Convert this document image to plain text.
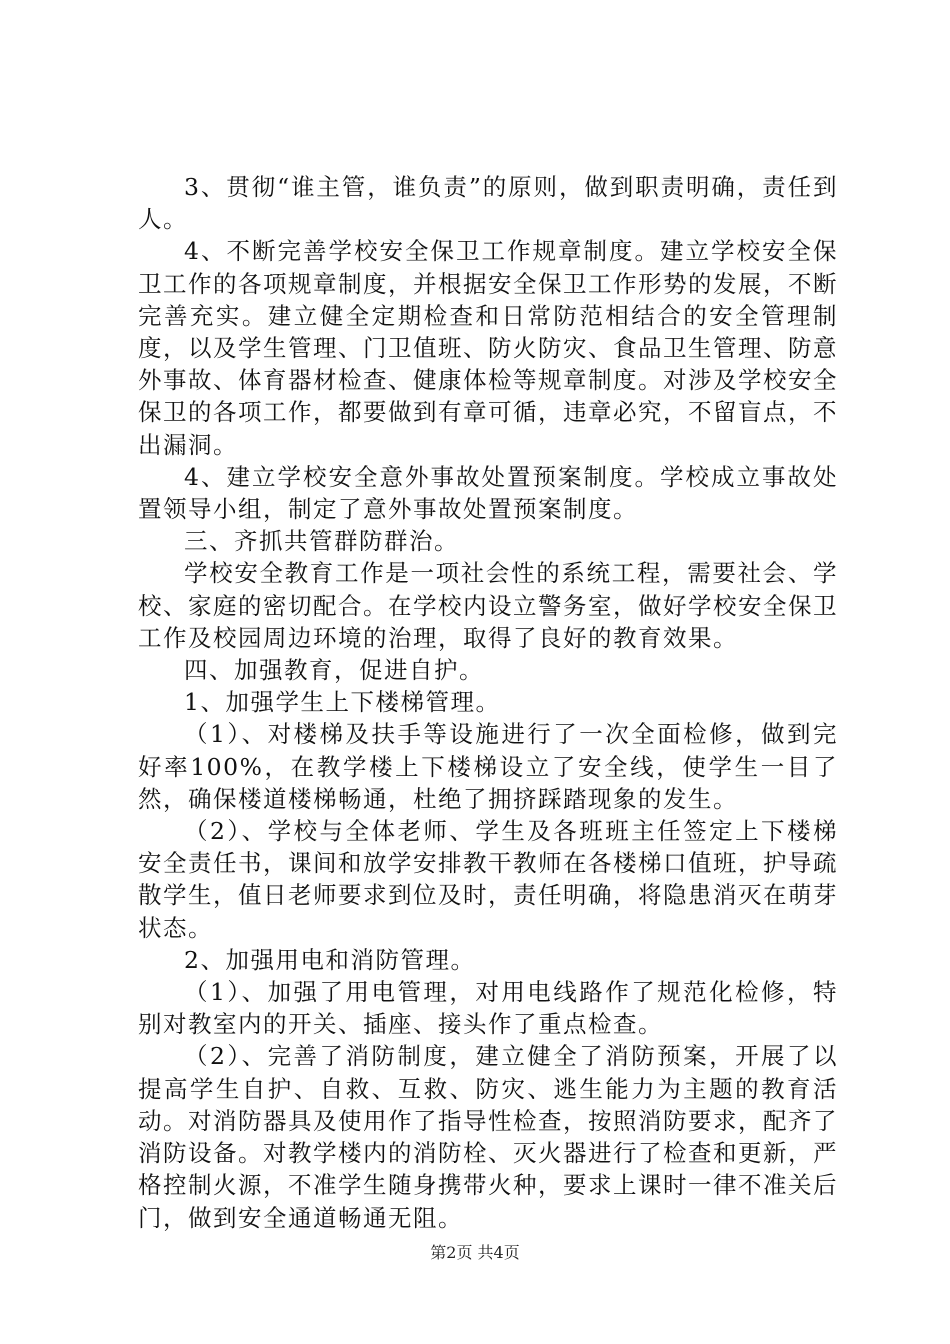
3、贯彻“谁主管，谁负责”的原则，做到职责明确，责任到人。

4、不断完善学校安全保卫工作规章制度。建立学校安全保卫工作的各项规章制度，并根据安全保卫工作形势的发展，不断完善充实。建立健全定期检查和日常防范相结合的安全管理制度，以及学生管理、门卫值班、防火防灾、食品卫生管理、防意外事故、体育器材检查、健康体检等规章制度。对涉及学校安全保卫的各项工作，都要做到有章可循，违章必究，不留盲点，不出漏洞。

4、建立学校安全意外事故处置预案制度。学校成立事故处置领导小组，制定了意外事故处置预案制度。

三、齐抓共管群防群治。

学校安全教育工作是一项社会性的系统工程，需要社会、学校、家庭的密切配合。在学校内设立警务室，做好学校安全保卫工作及校园周边环境的治理，取得了良好的教育效果。

四、加强教育，促进自护。

1、加强学生上下楼梯管理。

（1）、对楼梯及扶手等设施进行了一次全面检修，做到完好率100%，在教学楼上下楼梯设立了安全线，使学生一目了然，确保楼道楼梯畅通，杜绝了拥挤踩踏现象的发生。

（2）、学校与全体老师、学生及各班班主任签定上下楼梯安全责任书，课间和放学安排教干教师在各楼梯口值班，护导疏散学生，值日老师要求到位及时，责任明确，将隐患消灭在萌芽状态。

2、加强用电和消防管理。

（1）、加强了用电管理，对用电线路作了规范化检修，特别对教室内的开关、插座、接头作了重点检查。

（2）、完善了消防制度，建立健全了消防预案，开展了以提高学生自护、自救、互救、防灾、逃生能力为主题的教育活动。对消防器具及使用作了指导性检查，按照消防要求，配齐了消防设备。对教学楼内的消防栓、灭火器进行了检查和更新，严格控制火源，不准学生随身携带火种，要求上课时一律不准关后门，做到安全通道畅通无阻。

第2页 共4页
